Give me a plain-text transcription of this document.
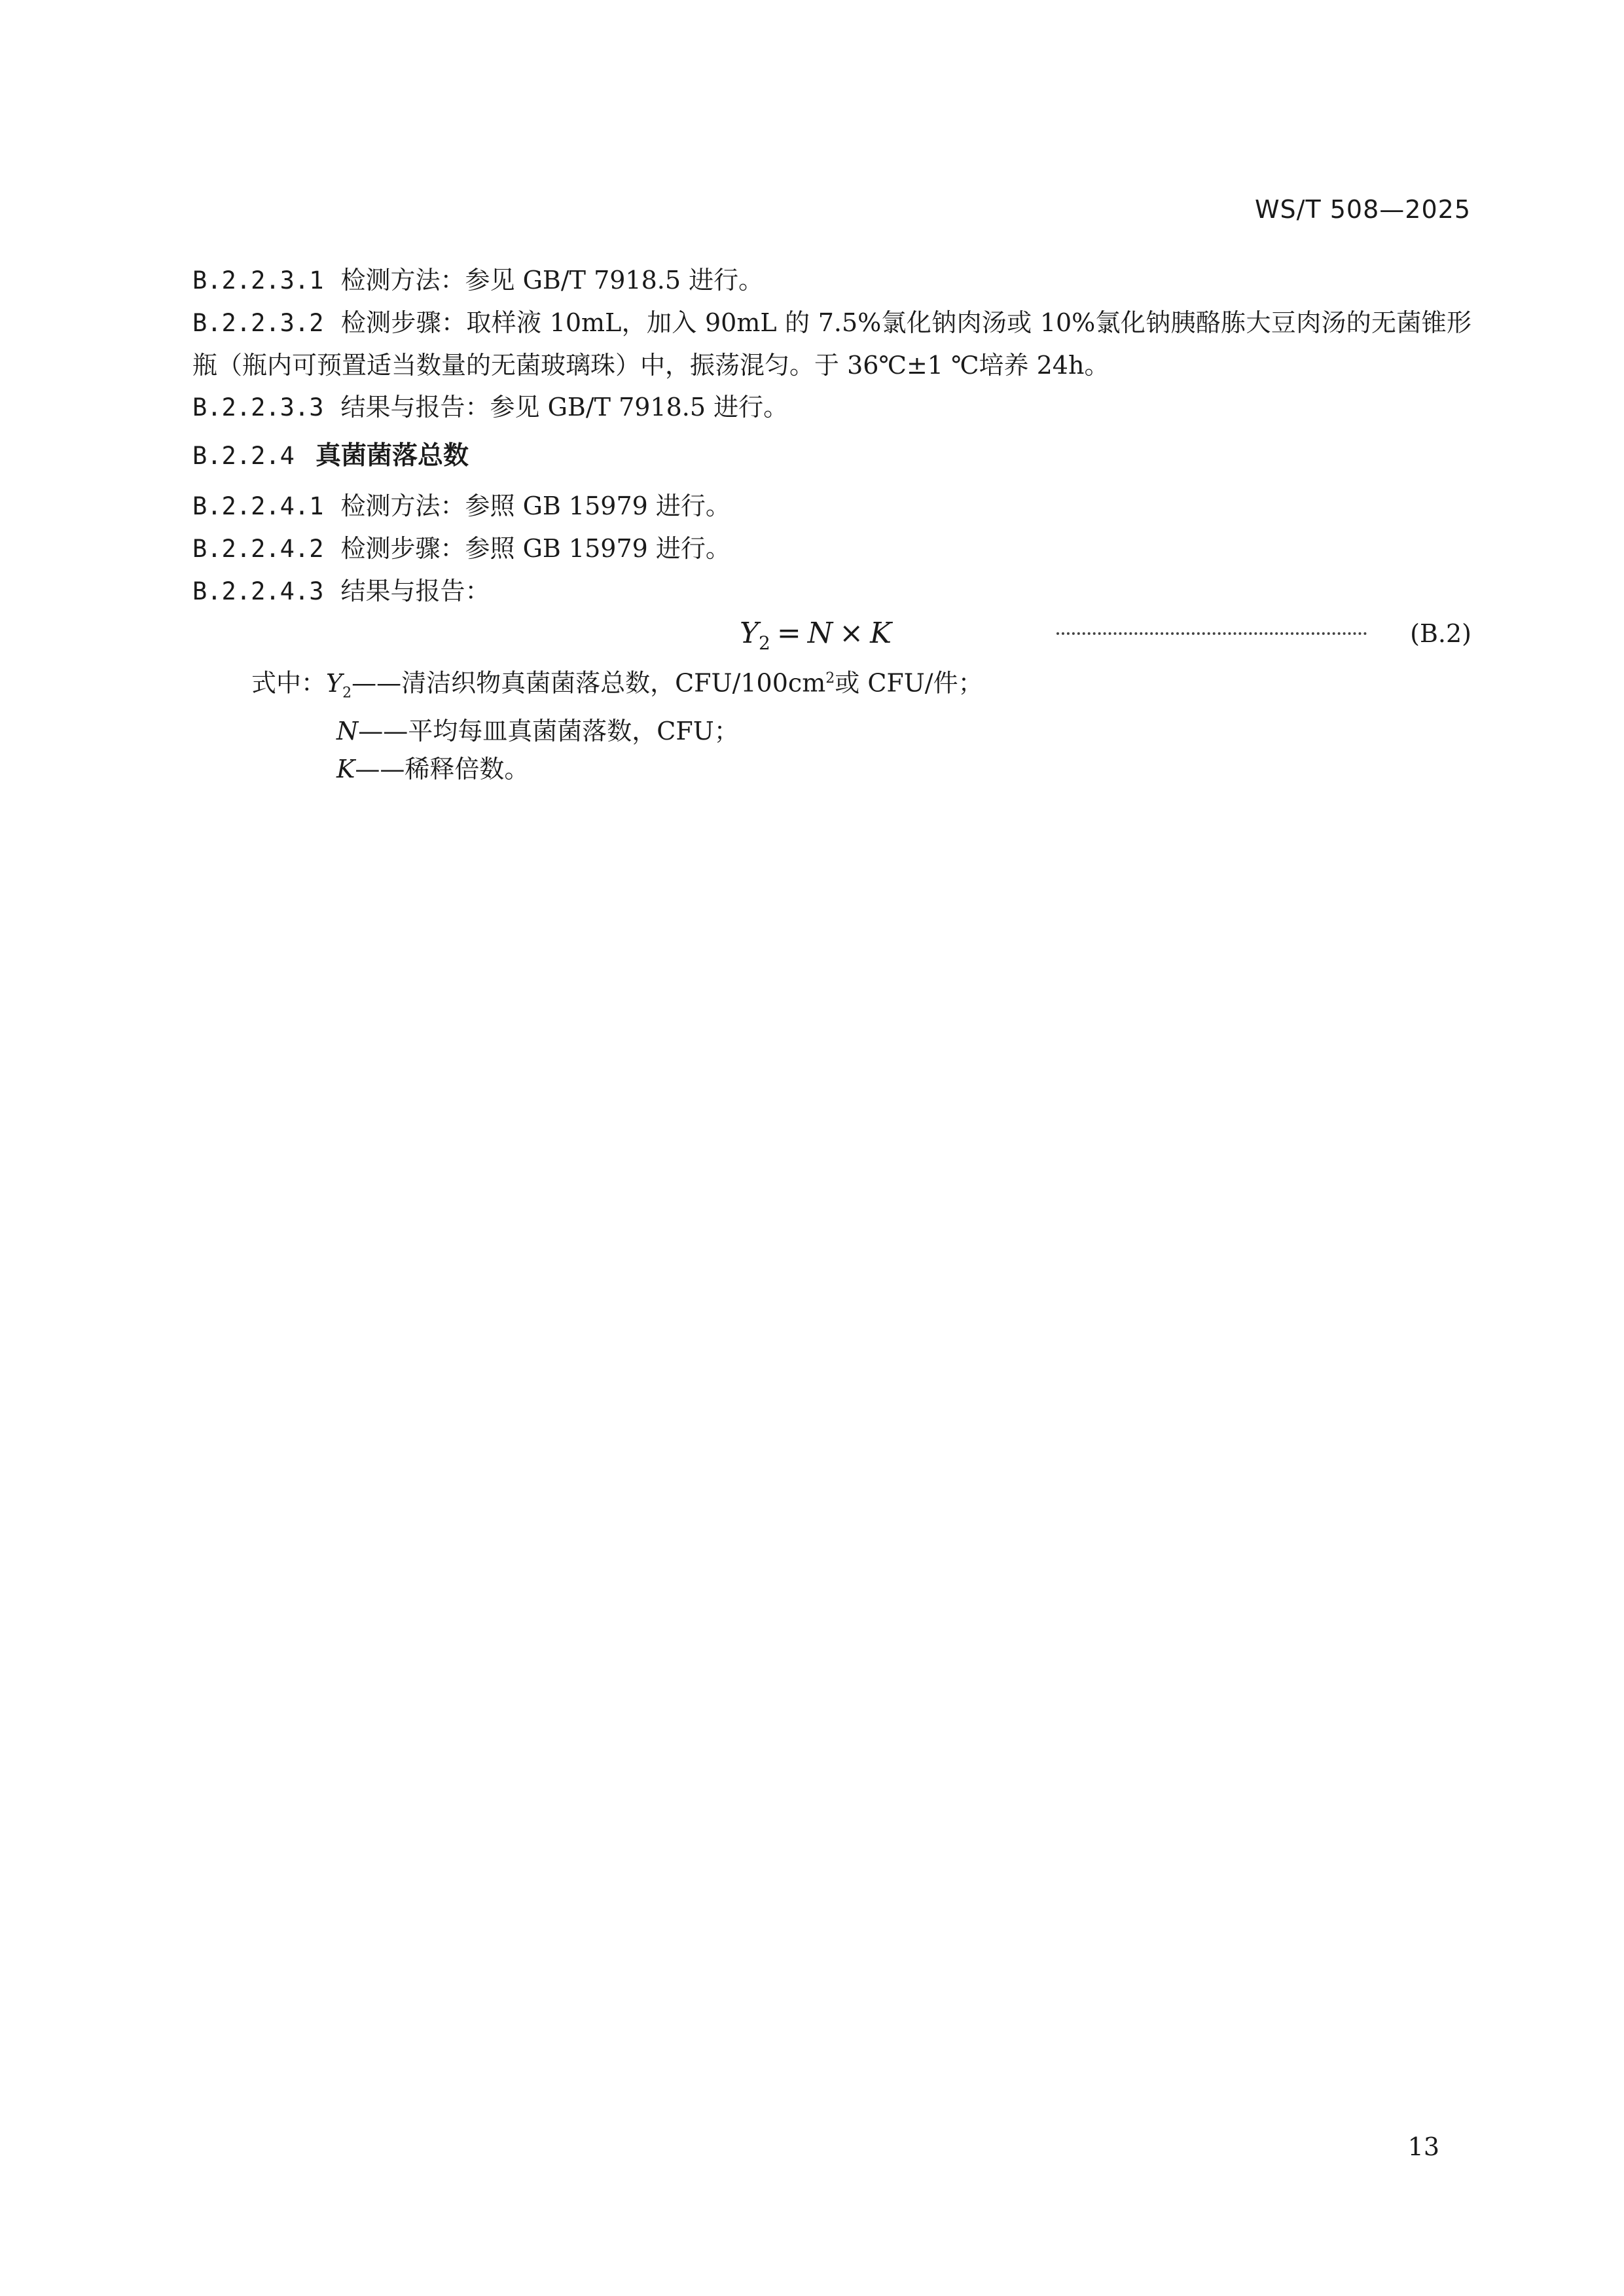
WS/T 508—2025
B.2.2.3.1 检测方法：参见 GB/T 7918.5 进行。
B.2.2.3.2 检测步骤：取样液 10mL，加入 90mL 的 7.5%氯化钠肉汤或 10%氯化钠胰酪胨大豆肉汤的无菌锥形瓶（瓶内可预置适当数量的无菌玻璃珠）中，振荡混匀。于 36℃±1 ℃培养 24h。
B.2.2.3.3 结果与报告：参见 GB/T 7918.5 进行。
B.2.2.4 真菌菌落总数
B.2.2.4.1 检测方法：参照 GB 15979 进行。
B.2.2.4.2 检测步骤：参照 GB 15979 进行。
B.2.2.4.3 结果与报告：
$Y_2 = N \times K$	(B.2)
式中：$Y_2——$清洁织物真菌菌落总数，CFU/$100cm^2$或 CFU/件；
N——平均每皿真菌菌落数，CFU；
K——稀释倍数。
13
